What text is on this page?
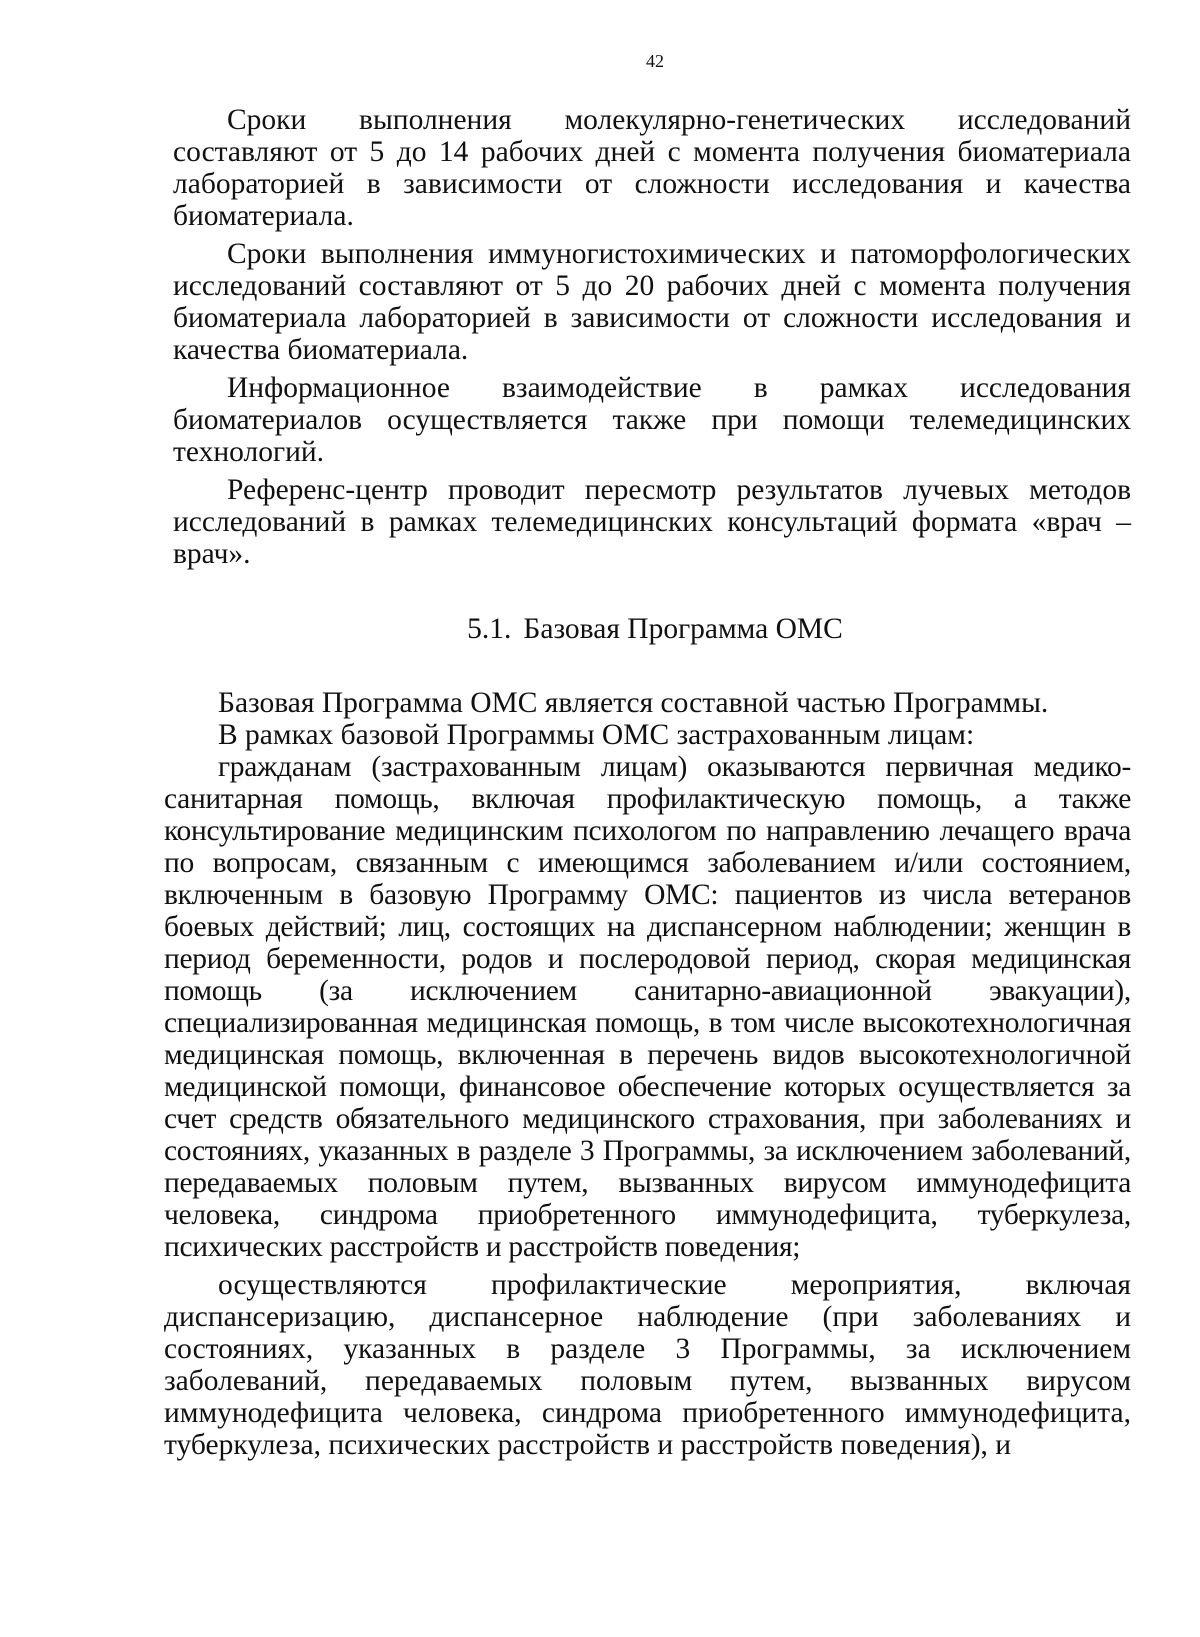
42

Сроки выполнения молекулярно-генетических исследований составляют от 5 до 14 рабочих дней с момента получения биоматериала лабораторией в зависимости от сложности исследования и качества биоматериала.

Сроки выполнения иммуногистохимических и патоморфологических исследований составляют от 5 до 20 рабочих дней с момента получения биоматериала лабораторией в зависимости от сложности исследования и качества биоматериала.

Информационное взаимодействие в рамках исследования биоматериалов осуществляется также при помощи телемедицинских технологий.

Референс-центр проводит пересмотр результатов лучевых методов исследований в рамках телемедицинских консультаций формата «врач – врач».

5.1. Базовая Программа ОМС

Базовая Программа ОМС является составной частью Программы.

В рамках базовой Программы ОМС застрахованным лицам:

гражданам (застрахованным лицам) оказываются первичная медико-санитарная помощь, включая профилактическую помощь, а также консультирование медицинским психологом по направлению лечащего врача по вопросам, связанным с имеющимся заболеванием и/или состоянием, включенным в базовую Программу ОМС: пациентов из числа ветеранов боевых действий; лиц, состоящих на диспансерном наблюдении; женщин в период беременности, родов и послеродовой период, скорая медицинская помощь (за исключением санитарно-авиационной эвакуации), специализированная медицинская помощь, в том числе высокотехнологичная медицинская помощь, включенная в перечень видов высокотехнологичной медицинской помощи, финансовое обеспечение которых осуществляется за счет средств обязательного медицинского страхования, при заболеваниях и состояниях, указанных в разделе 3 Программы, за исключением заболеваний, передаваемых половым путем, вызванных вирусом иммунодефицита человека, синдрома приобретенного иммунодефицита, туберкулеза, психических расстройств и расстройств поведения;

осуществляются профилактические мероприятия, включая диспансеризацию, диспансерное наблюдение (при заболеваниях и состояниях, указанных в разделе 3 Программы, за исключением заболеваний, передаваемых половым путем, вызванных вирусом иммунодефицита человека, синдрома приобретенного иммунодефицита, туберкулеза, психических расстройств и расстройств поведения), и
